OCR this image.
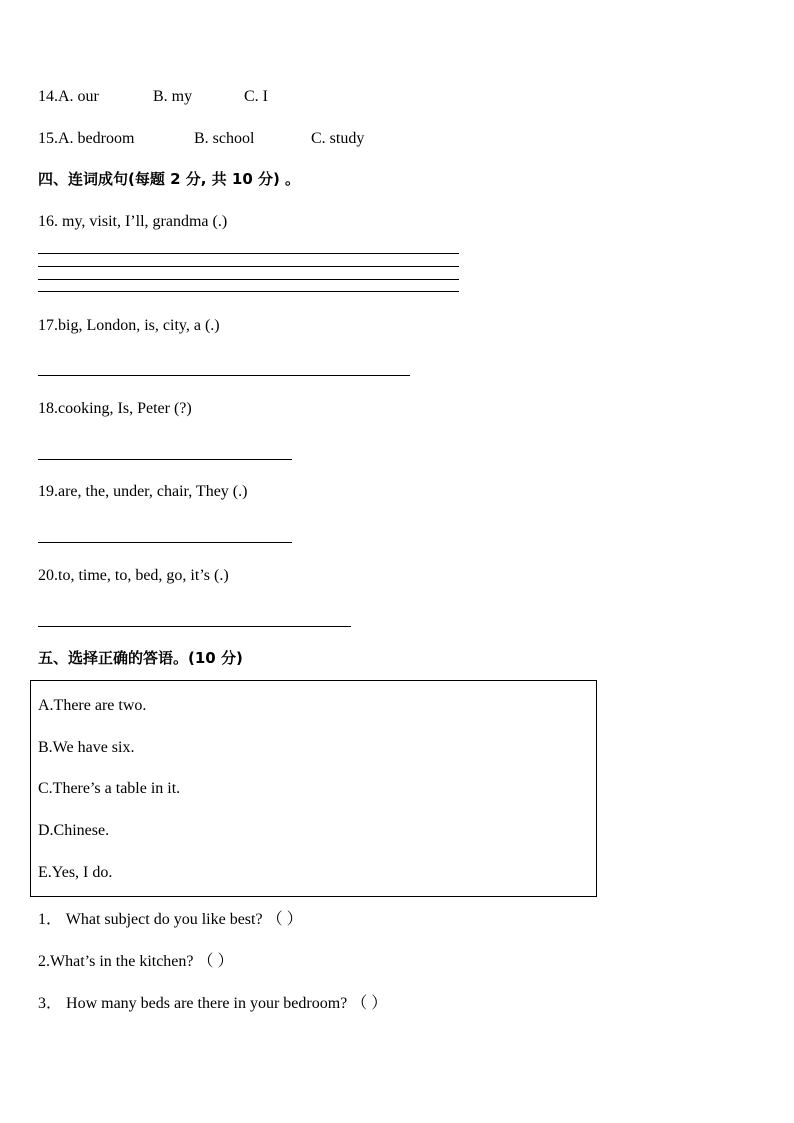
14.A. our	B. my	C. I
15.A. bedroom	B. school	C. study
四、连词成句(每题 2 分, 共 10 分) 。
16. my, visit, I’ll, grandma (.)
17.big, London, is, city, a (.)
18.cooking, Is, Peter (?)
19.are, the, under, chair, They (.)
20.to, time, to, bed, go, it’s (.)
五、选择正确的答语。(10 分)
A.There are two.
B.We have six.
C.There’s a table in it.
D.Chinese.
E.Yes, I do.
1． What subject do you like best? （ ）
2.What’s in the kitchen? （ ）
3． How many beds are there in your bedroom? （ ）
